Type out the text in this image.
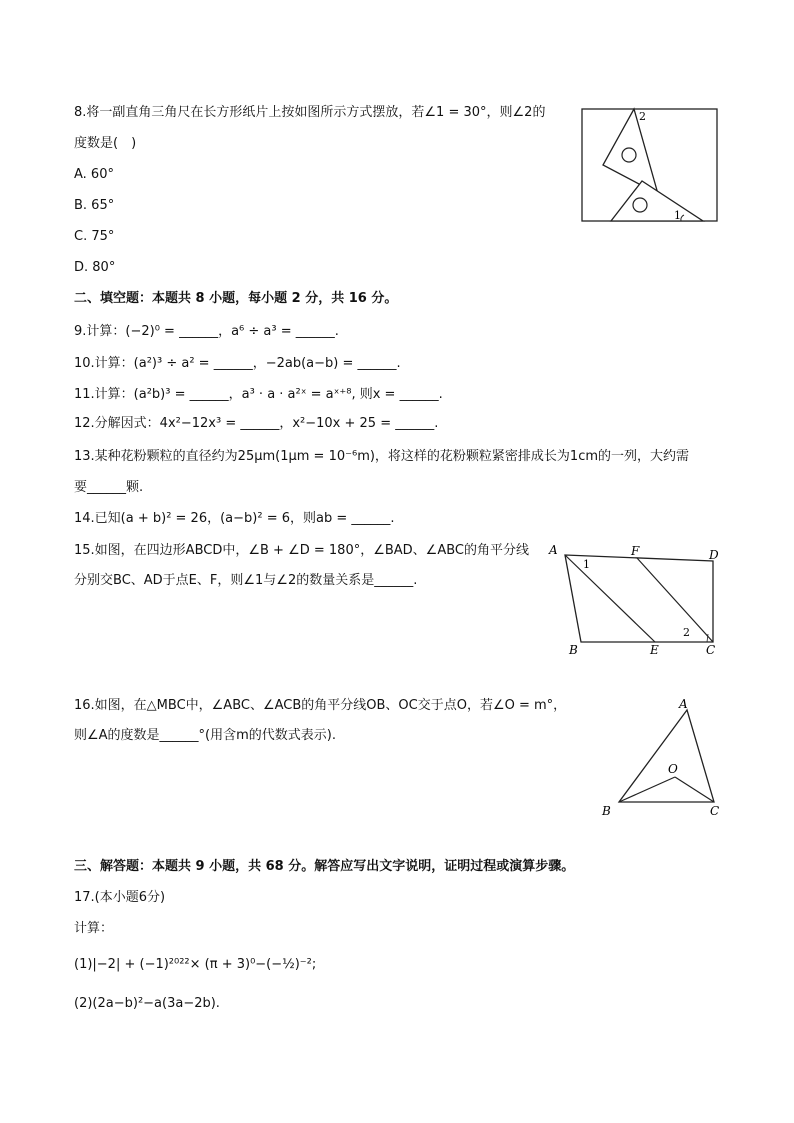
8.将一副直角三角尺在长方形纸片上按如图所示方式摆放，若∠1 = 30°，则∠2的
度数是(　)
A. 60°
B. 65°
C. 75°
D. 80°
2
1
二、填空题：本题共 8 小题，每小题 2 分，共 16 分。
9.计算：(−2)⁰ = ______，a⁶ ÷ a³ = ______.
10.计算：(a²)³ ÷ a² = ______，−2ab(a−b) = ______.
11.计算：(a²b)³ = ______，a³ · a · a²ˣ = aˣ⁺⁸, 则x = ______.
12.分解因式：4x²−12x³ = ______，x²−10x + 25 = ______.
13.某种花粉颗粒的直径约为25μm(1μm = 10⁻⁶m)，将这样的花粉颗粒紧密排成长为1cm的一列，大约需
要______颗.
14.已知(a + b)² = 26，(a−b)² = 6，则ab = ______.
15.如图，在四边形ABCD中，∠B + ∠D = 180°，∠BAD、∠ABC的角平分线
分别交BC、AD于点E、F，则∠1与∠2的数量关系是______.
A	F	D
B	E	C
1
2
16.如图，在△MBC中，∠ABC、∠ACB的角平分线OB、OC交于点O，若∠O = m°，
则∠A的度数是______°(用含m的代数式表示).
A
O
B	C
三、解答题：本题共 9 小题，共 68 分。解答应写出文字说明，证明过程或演算步骤。
17.(本小题6分)
计算：
(1)|−2| + (−1)²⁰²²× (π + 3)⁰−(−½)⁻²;
(2)(2a−b)²−a(3a−2b).
